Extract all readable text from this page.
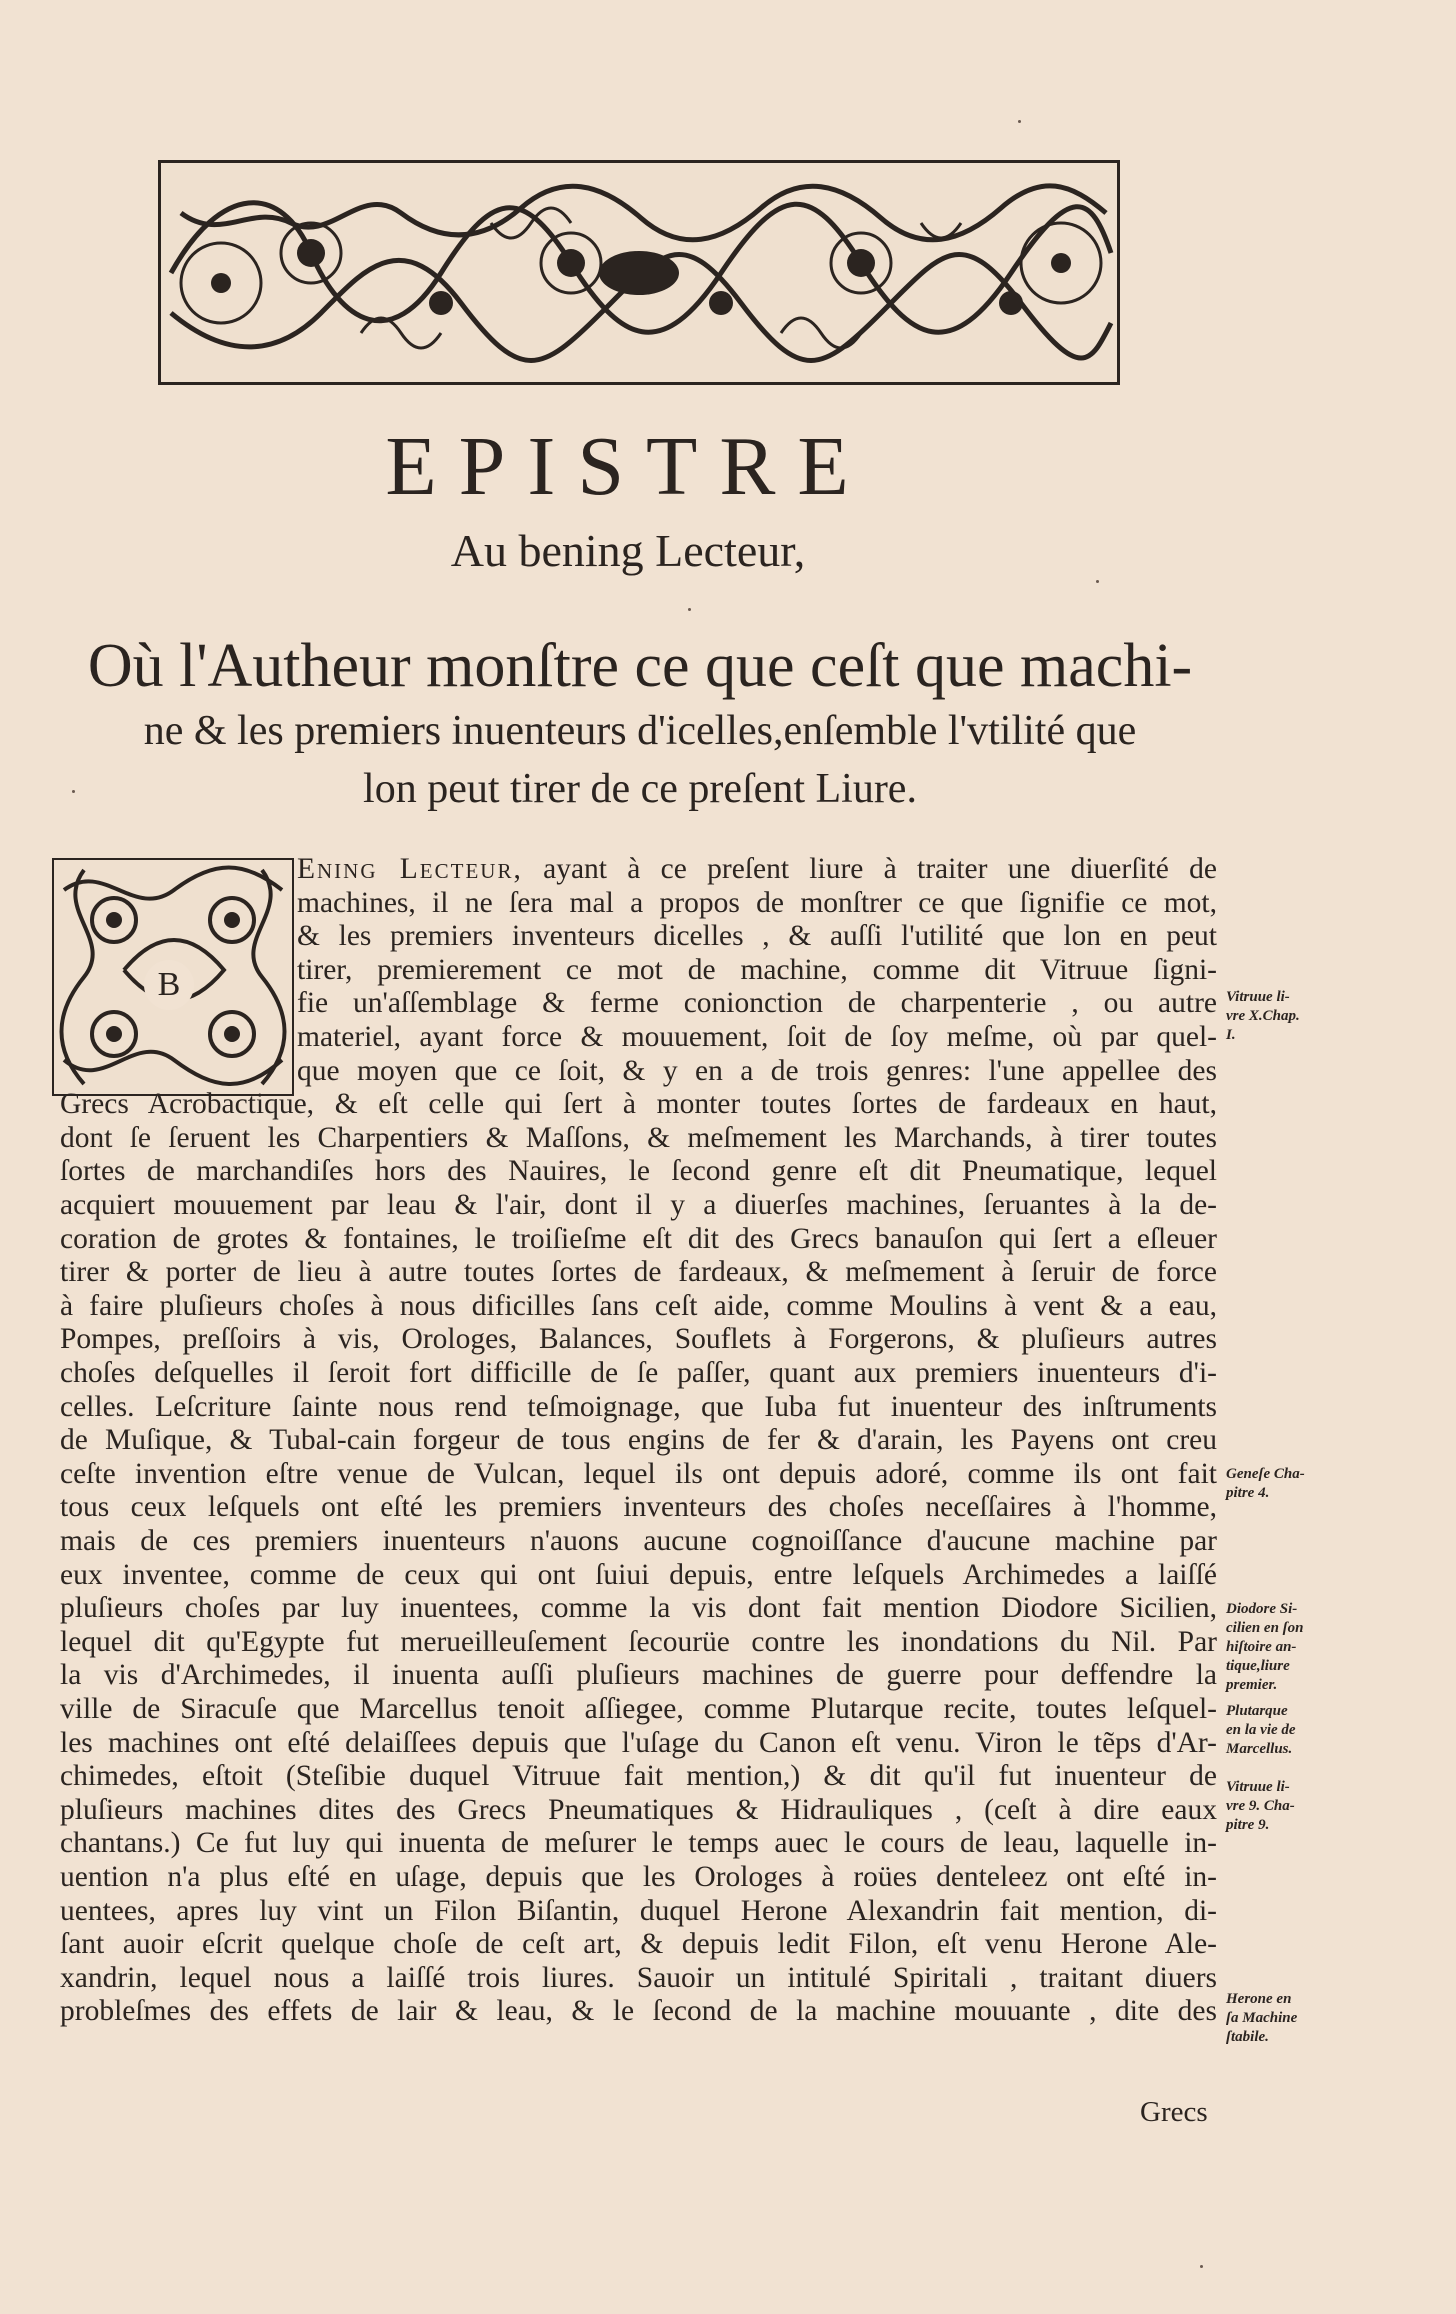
EPISTRE
Au bening Lecteur,
Où l'Autheur monſtre ce que ceſt que machi-
ne & les premiers inuenteurs d'icelles,enſemble l'vtilité que
lon peut tirer de ce preſent Liure.
B
Ening Lecteur, ayant à ce preſent liure à traiter une diuerſité de
machines, il ne ſera mal a propos de monſtrer ce que ſignifie ce mot,
& les premiers inventeurs dicelles , & auſſi l'utilité que lon en peut
tirer, premierement ce mot de machine, comme dit Vitruue ſigni-
fie un'aſſemblage & ferme conionction de charpenterie , ou autre
materiel, ayant force & mouuement, ſoit de ſoy meſme, où par quel-
que moyen que ce ſoit, & y en a de trois genres: l'une appellee des
Grecs Acrobactique, & eſt celle qui ſert à monter toutes ſortes de fardeaux en haut,
dont ſe ſeruent les Charpentiers & Maſſons, & meſmement les Marchands, à tirer toutes
ſortes de marchandiſes hors des Nauires, le ſecond genre eſt dit Pneumatique, lequel
acquiert mouuement par leau & l'air, dont il y a diuerſes machines, ſeruantes à la de-
coration de grotes & fontaines, le troiſieſme eſt dit des Grecs banauſon qui ſert a eſleuer
tirer & porter de lieu à autre toutes ſortes de fardeaux, & meſmement à ſeruir de force
à faire pluſieurs choſes à nous dificilles ſans ceſt aide, comme Moulins à vent & a eau,
Pompes, preſſoirs à vis, Orologes, Balances, Souflets à Forgerons, & pluſieurs autres
choſes deſquelles il ſeroit fort difficille de ſe paſſer, quant aux premiers inuenteurs d'i-
celles. Leſcriture ſainte nous rend teſmoignage, que Iuba fut inuenteur des inſtruments
de Muſique, & Tubal-cain forgeur de tous engins de fer & d'arain, les Payens ont creu
ceſte invention eſtre venue de Vulcan, lequel ils ont depuis adoré, comme ils ont fait
tous ceux leſquels ont eſté les premiers inventeurs des choſes neceſſaires à l'homme,
mais de ces premiers inuenteurs n'auons aucune cognoiſſance d'aucune machine par
eux inventee, comme de ceux qui ont ſuiui depuis, entre leſquels Archimedes a laiſſé
pluſieurs choſes par luy inuentees, comme la vis dont fait mention Diodore Sicilien,
lequel dit qu'Egypte fut merueilleuſement ſecourüe contre les inondations du Nil. Par
la vis d'Archimedes, il inuenta auſſi pluſieurs machines de guerre pour deffendre la
ville de Siracuſe que Marcellus tenoit aſſiegee, comme Plutarque recite, toutes leſquel-
les machines ont eſté delaiſſees depuis que l'uſage du Canon eſt venu. Viron le tẽps d'Ar-
chimedes, eſtoit (Steſibie duquel Vitruue fait mention,) & dit qu'il fut inuenteur de
pluſieurs machines dites des Grecs Pneumatiques & Hidrauliques , (ceſt à dire eaux
chantans.) Ce fut luy qui inuenta de meſurer le temps auec le cours de leau, laquelle in-
uention n'a plus eſté en uſage, depuis que les Orologes à roües denteleez ont eſté in-
uentees, apres luy vint un Filon Biſantin, duquel Herone Alexandrin fait mention, di-
ſant auoir eſcrit quelque choſe de ceſt art, & depuis ledit Filon, eſt venu Herone Ale-
xandrin, lequel nous a laiſſé trois liures. Sauoir un intitulé Spiritali , traitant diuers
probleſmes des effets de lair & leau, & le ſecond de la machine mouuante , dite des
Grecs
Vitruue li-
vre X.Chap.
I.
Geneſe Cha-
pitre 4.
Diodore Si-
cilien en ſon
hiſtoire an-
tique,liure
premier.
Plutarque
en la vie de
Marcellus.
Vitruue li-
vre 9. Cha-
pitre 9.
Herone en
ſa Machine
ſtabile.
